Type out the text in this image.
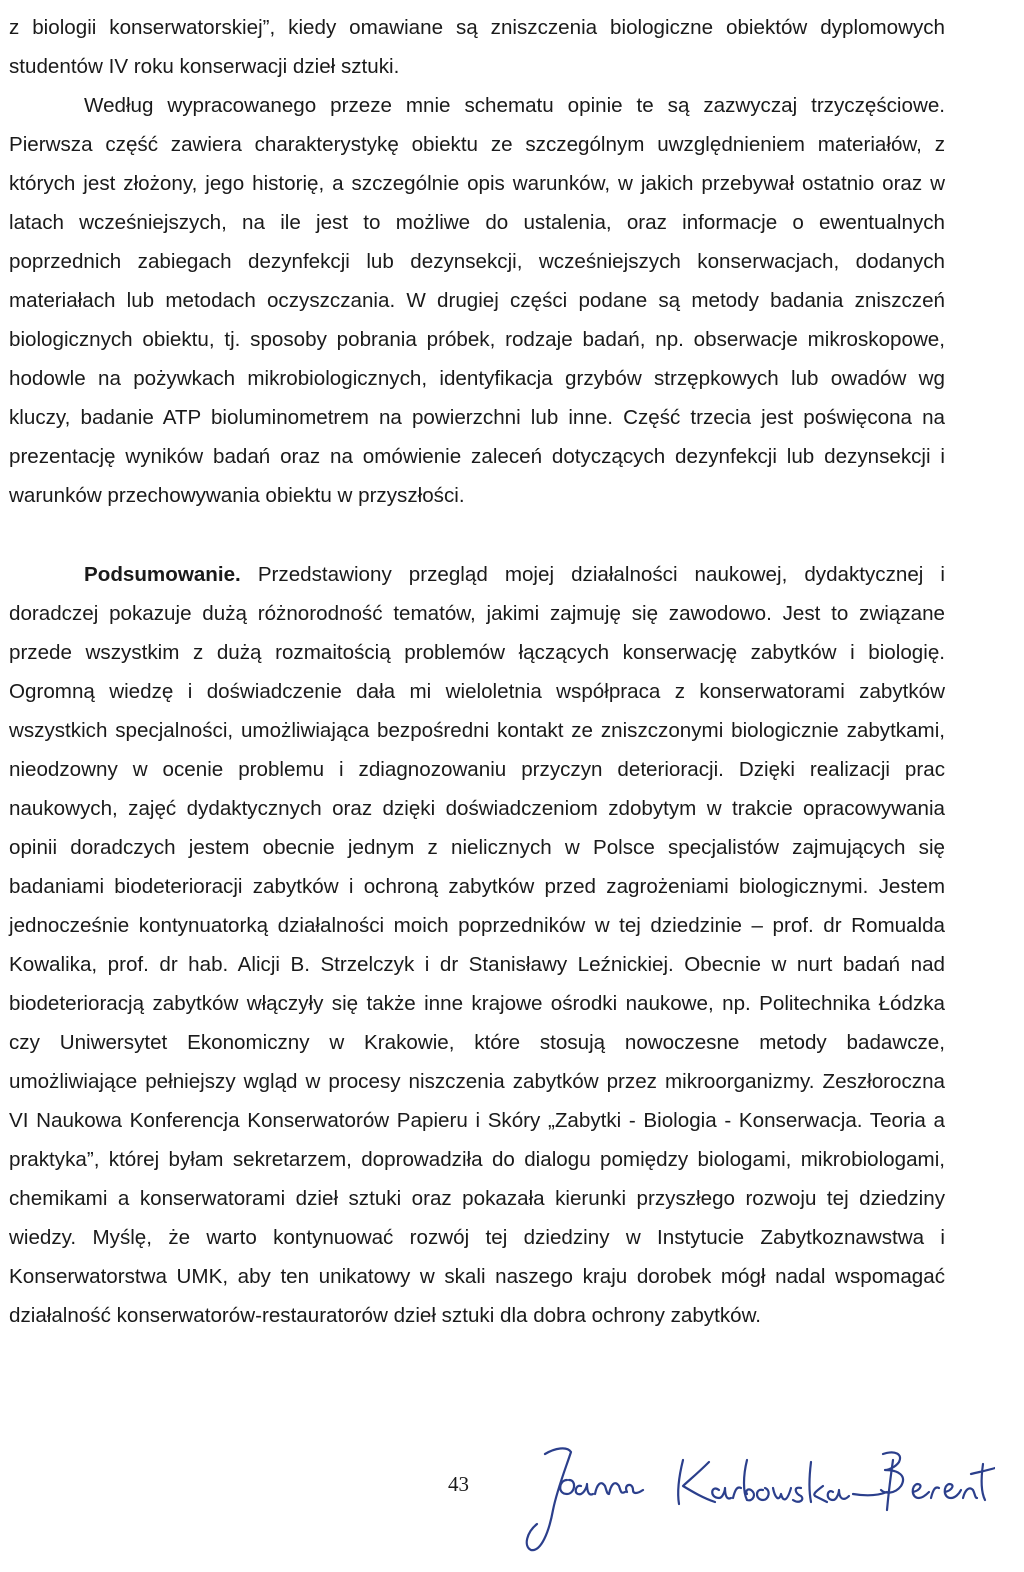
z biologii konserwatorskiej”, kiedy omawiane są zniszczenia biologiczne obiektów dyplomowych studentów IV roku konserwacji dzieł sztuki.

Według wypracowanego przeze mnie schematu opinie te są zazwyczaj trzyczęściowe. Pierwsza część zawiera charakterystykę obiektu ze szczególnym uwzględnieniem materiałów, z których jest złożony, jego historię, a szczególnie opis warunków, w jakich przebywał ostatnio oraz w latach wcześniejszych, na ile jest to możliwe do ustalenia, oraz informacje o ewentualnych poprzednich zabiegach dezynfekcji lub dezynsekcji, wcześniejszych konserwacjach, dodanych materiałach lub metodach oczyszczania. W drugiej części podane są metody badania zniszczeń biologicznych obiektu, tj. sposoby pobrania próbek, rodzaje badań, np. obserwacje mikroskopowe, hodowle na pożywkach mikrobiologicznych, identyfikacja grzybów strzępkowych lub owadów wg kluczy, badanie ATP bioluminometrem na powierzchni lub inne. Część trzecia jest poświęcona na prezentację wyników badań oraz na omówienie zaleceń dotyczących dezynfekcji lub dezynsekcji i warunków przechowywania obiektu w przyszłości.

Podsumowanie. Przedstawiony przegląd mojej działalności naukowej, dydaktycznej i doradczej pokazuje dużą różnorodność tematów, jakimi zajmuję się zawodowo. Jest to związane przede wszystkim z dużą rozmaitością problemów łączących konserwację zabytków i biologię. Ogromną wiedzę i doświadczenie dała mi wieloletnia współpraca z konserwatorami zabytków wszystkich specjalności, umożliwiająca bezpośredni kontakt ze zniszczonymi biologicznie zabytkami, nieodzowny w ocenie problemu i zdiagnozowaniu przyczyn deterioracji. Dzięki realizacji prac naukowych, zajęć dydaktycznych oraz dzięki doświadczeniom zdobytym w trakcie opracowywania opinii doradczych jestem obecnie jednym z nielicznych w Polsce specjalistów zajmujących się badaniami biodeterioracji zabytków i ochroną zabytków przed zagrożeniami biologicznymi. Jestem jednocześnie kontynuatorką działalności moich poprzedników w tej dziedzinie – prof. dr Romualda Kowalika, prof. dr hab. Alicji B. Strzelczyk i dr Stanisławy Leźnickiej. Obecnie w nurt badań nad biodeterioracją zabytków włączyły się także inne krajowe ośrodki naukowe, np. Politechnika Łódzka czy Uniwersytet Ekonomiczny w Krakowie, które stosują nowoczesne metody badawcze, umożliwiające pełniejszy wgląd w procesy niszczenia zabytków przez mikroorganizmy. Zeszłoroczna VI Naukowa Konferencja Konserwatorów Papieru i Skóry „Zabytki - Biologia - Konserwacja. Teoria a praktyka”, której byłam sekretarzem, doprowadziła do dialogu pomiędzy biologami, mikrobiologami, chemikami a konserwatorami dzieł sztuki oraz pokazała kierunki przyszłego rozwoju tej dziedziny wiedzy. Myślę, że warto kontynuować rozwój tej dziedziny w Instytucie Zabytkoznawstwa i Konserwatorstwa UMK, aby ten unikatowy w skali naszego kraju dorobek mógł nadal wspomagać działalność konserwatorów-restauratorów dzieł sztuki dla dobra ochrony zabytków.

43
